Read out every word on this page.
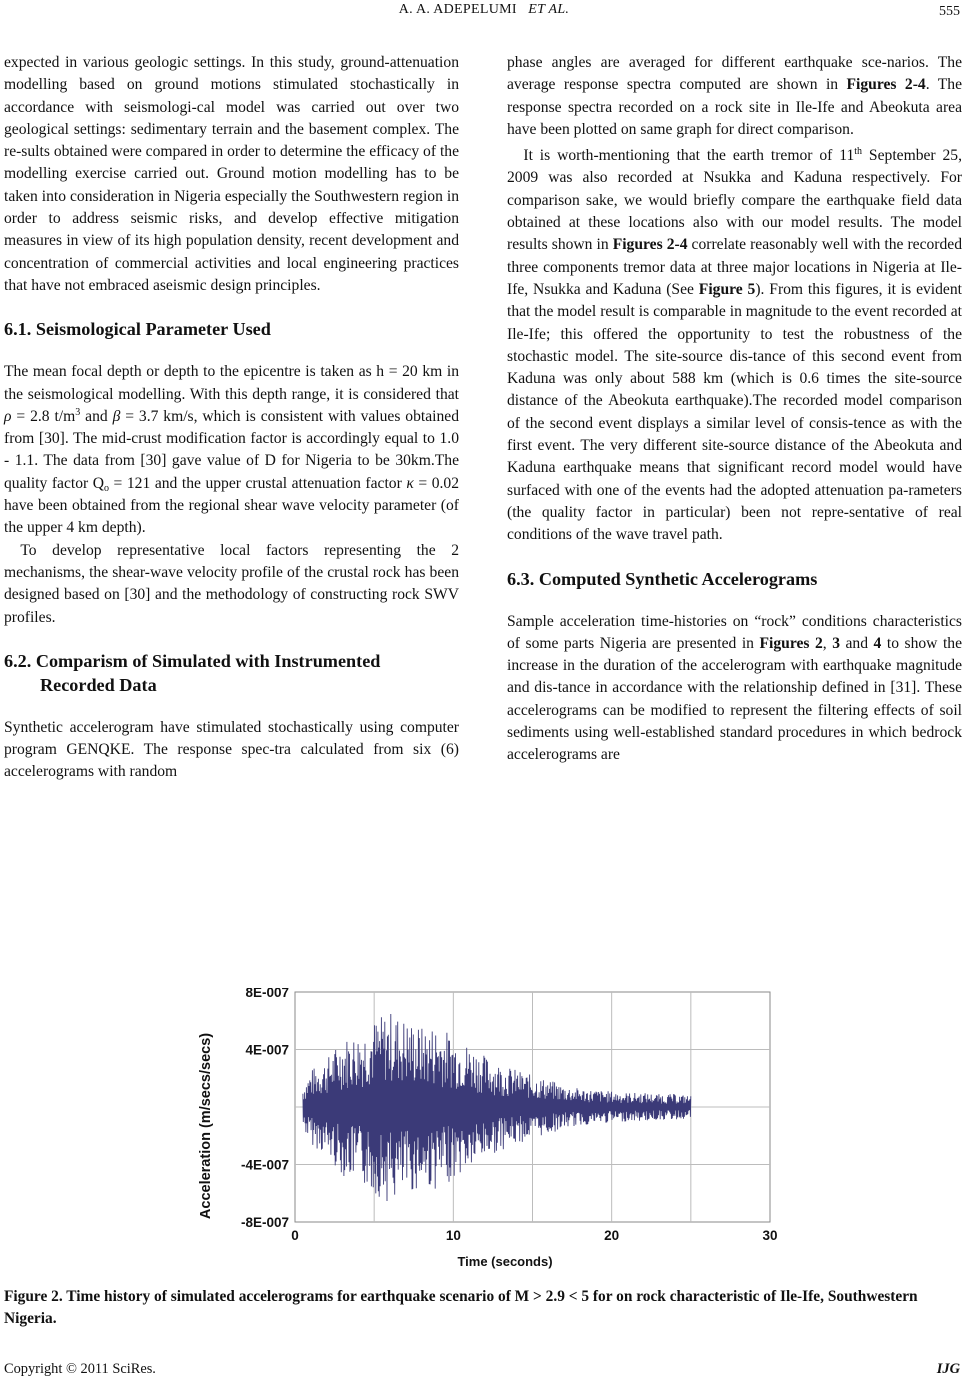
A. A. ADEPELUMI ET AL.	555

expected in various geologic settings. In this study, ground-attenuation modelling based on ground motions stimulated stochastically in accordance with seismologi-cal model was carried out over two geological settings: sedimentary terrain and the basement complex. The re-sults obtained were compared in order to determine the efficacy of the modelling exercise carried out. Ground motion modelling has to be taken into consideration in Nigeria especially the Southwestern region in order to address seismic risks, and develop effective mitigation measures in view of its high population density, recent development and concentration of commercial activities and local engineering practices that have not embraced aseismic design principles.

6.1. Seismological Parameter Used

The mean focal depth or depth to the epicentre is taken as h = 20 km in the seismological modelling. With this depth range, it is considered that ρ = 2.8 $t/m^3$ and β = 3.7 km/s, which is consistent with values obtained from [30]. The mid-crust modification factor is accordingly equal to 1.0 - 1.1. The data from [30] gave value of D for Nigeria to be 30km.The quality factor $Q_o = 121$ and the upper crustal attenuation factor κ = 0.02 have been obtained from the regional shear wave velocity parameter (of the upper 4 km depth).

To develop representative local factors representing the 2 mechanisms, the shear-wave velocity profile of the crustal rock has been designed based on [30] and the methodology of constructing rock SWV profiles.

6.2. Comparism of Simulated with Instrumented Recorded Data

Synthetic accelerogram have stimulated stochastically using computer program GENQKE. The response spec-tra calculated from six (6) accelerograms with random

phase angles are averaged for different earthquake sce-narios. The average response spectra computed are shown in Figures 2-4. The response spectra recorded on a rock site in Ile-Ife and Abeokuta area have been plotted on same graph for direct comparison.

It is worth-mentioning that the earth tremor of 11th September 25, 2009 was also recorded at Nsukka and Kaduna respectively. For comparison sake, we would briefly compare the earthquake field data obtained at these locations also with our model results. The model results shown in Figures 2-4 correlate reasonably well with the recorded three components tremor data at three major locations in Nigeria at Ile-Ife, Nsukka and Kaduna (See Figure 5). From this figures, it is evident that the model result is comparable in magnitude to the event recorded at Ile-Ife; this offered the opportunity to test the robustness of the stochastic model. The site-source dis-tance of this second event from Kaduna was only about 588 km (which is 0.6 times the site-source distance of the Abeokuta earthquake).The recorded model comparison of the second event displays a similar level of consis-tence as with the first event. The very different site-source distance of the Abeokuta and Kaduna earthquake means that significant record model would have surfaced with one of the events had the adopted attenuation pa-rameters (the quality factor in particular) been not repre-sentative of real conditions of the wave travel path.

6.3. Computed Synthetic Accelerograms

Sample acceleration time-histories on “rock” conditions characteristics of some parts Nigeria are presented in Figures 2, 3 and 4 to show the increase in the duration of the accelerogram with earthquake magnitude and dis-tance in accordance with the relationship defined in [31]. These accelerograms can be modified to represent the filtering effects of soil sediments using well-established standard procedures in which bedrock accelerograms are

8E-007
4E-007
-4E-007
-8E-007
0	10	20	30
Acceleration (m/secs/secs)
Time (seconds)
Figure 2. Time history of simulated accelerograms for earthquake scenario of M > 2.9 < 5 for on rock characteristic of Ile-Ife, Southwestern Nigeria.
Copyright © 2011 SciRes.	IJG
